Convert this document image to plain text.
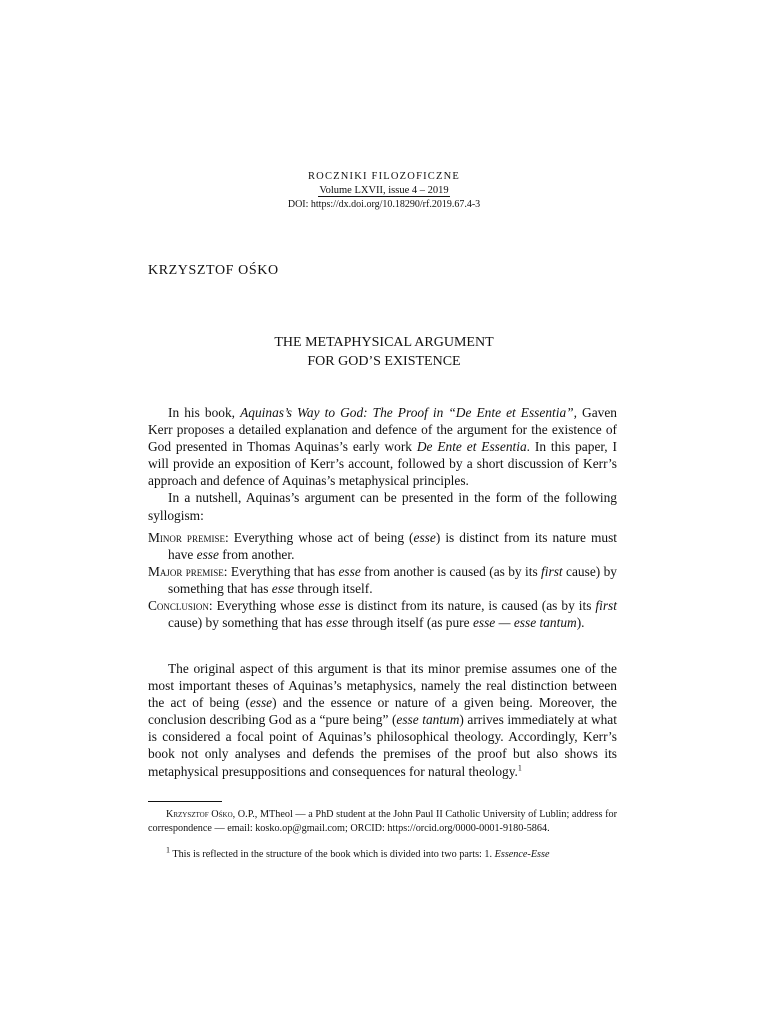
ROCZNIKI FILOZOFICZNE
Volume LXVII, issue 4 – 2019
DOI: https://dx.doi.org/10.18290/rf.2019.67.4-3
KRZYSZTOF OŚKO
THE METAPHYSICAL ARGUMENT
FOR GOD’S EXISTENCE

In his book, Aquinas’s Way to God: The Proof in “De Ente et Essentia”, Gaven Kerr proposes a detailed explanation and defence of the argument for the existence of God presented in Thomas Aquinas’s early work De Ente et Essentia. In this paper, I will provide an exposition of Kerr’s account, followed by a short discussion of Kerr’s approach and defence of Aquinas’s metaphysical principles.

In a nutshell, Aquinas’s argument can be presented in the form of the following syllogism:

Minor premise: Everything whose act of being (esse) is distinct from its nature must have esse from another.

Major premise: Everything that has esse from another is caused (as by its first cause) by something that has esse through itself.

Conclusion: Everything whose esse is distinct from its nature, is caused (as by its first cause) by something that has esse through itself (as pure esse — esse tantum).

The original aspect of this argument is that its minor premise assumes one of the most important theses of Aquinas’s metaphysics, namely the real distinction between the act of being (esse) and the essence or nature of a given being. Moreover, the conclusion describing God as a “pure being” (esse tantum) arrives immediately at what is considered a focal point of Aquinas’s philosophical theology. Accordingly, Kerr’s book not only analyses and defends the premises of the proof but also shows its metaphysical presuppositions and consequences for natural theology.$^1$

Krzysztof Ośko, O.P., MTheol — a PhD student at the John Paul II Catholic University of Lublin; address for correspondence — email: kosko.op@gmail.com; ORCID: https://orcid.org/0000-0001-9180-5864.
$^1$ This is reflected in the structure of the book which is divided into two parts: 1. Essence-Esse
